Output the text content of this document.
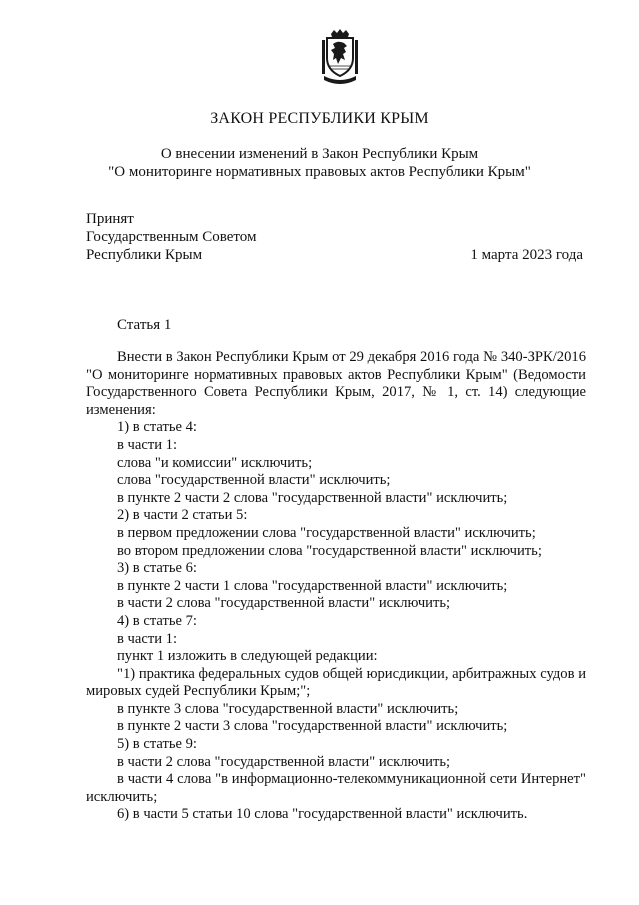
ЗАКОН РЕСПУБЛИКИ КРЫМ
О внесении изменений в Закон Республики Крым
"О мониторинге нормативных правовых актов Республики Крым"
Принят
Государственным Советом
Республики Крым	1 марта 2023 года
Статья 1

Внести в Закон Республики Крым от 29 декабря 2016 года № 340-ЗРК/2016 "О мониторинге нормативных правовых актов Республики Крым" (Ведомости Государственного Совета Республики Крым, 2017, № 1, ст. 14) следующие изменения:

1) в статье 4:

в части 1:

слова "и комиссии" исключить;

слова "государственной власти" исключить;

в пункте 2 части 2 слова "государственной власти" исключить;

2) в части 2 статьи 5:

в первом предложении слова "государственной власти" исключить;

во втором предложении слова "государственной власти" исключить;

3) в статье 6:

в пункте 2 части 1 слова "государственной власти" исключить;

в части 2 слова "государственной власти" исключить;

4) в статье 7:

в части 1:

пункт 1 изложить в следующей редакции:

"1) практика федеральных судов общей юрисдикции, арбитражных судов и мировых судей Республики Крым;";

в пункте 3 слова "государственной власти" исключить;

в пункте 2 части 3 слова "государственной власти" исключить;

5) в статье 9:

в части 2 слова "государственной власти" исключить;

в части 4 слова "в информационно-телекоммуникационной сети Интернет" исключить;

6) в части 5 статьи 10 слова "государственной власти" исключить.
